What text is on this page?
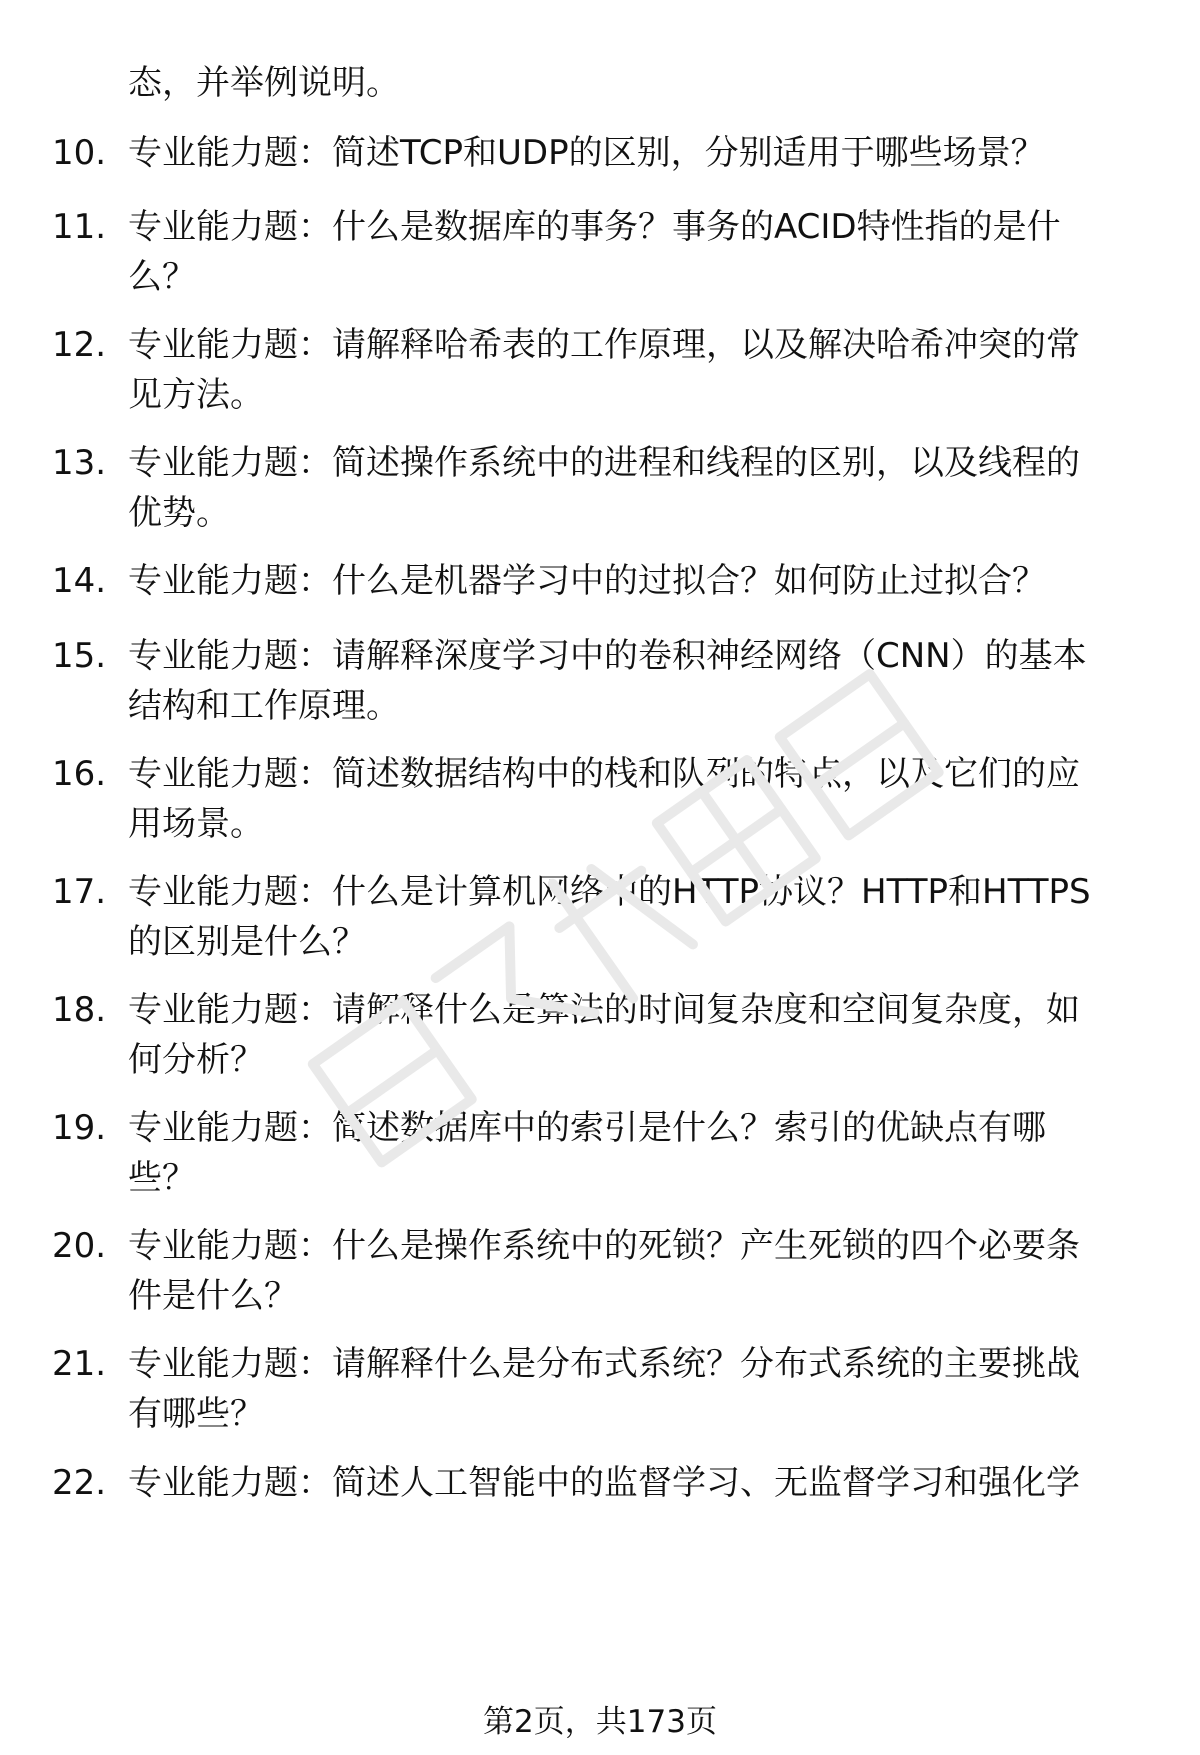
态，并举例说明。
10. 专业能力题：简述TCP和UDP的区别，分别适用于哪些场景？
11. 专业能力题：什么是数据库的事务？事务的ACID特性指的是什
么？
12. 专业能力题：请解释哈希表的工作原理，以及解决哈希冲突的常
见方法。
13. 专业能力题：简述操作系统中的进程和线程的区别，以及线程的
优势。
14. 专业能力题：什么是机器学习中的过拟合？如何防止过拟合？
15. 专业能力题：请解释深度学习中的卷积神经网络（CNN）的基本
结构和工作原理。
16. 专业能力题：简述数据结构中的栈和队列的特点，以及它们的应
用场景。
17. 专业能力题：什么是计算机网络中的HTTP协议？HTTP和HTTPS
的区别是什么？
18. 专业能力题：请解释什么是算法的时间复杂度和空间复杂度，如
何分析？
19. 专业能力题：简述数据库中的索引是什么？索引的优缺点有哪
些？
20. 专业能力题：什么是操作系统中的死锁？产生死锁的四个必要条
件是什么？
21. 专业能力题：请解释什么是分布式系统？分布式系统的主要挑战
有哪些？
22. 专业能力题：简述人工智能中的监督学习、无监督学习和强化学
第2页，共173页
